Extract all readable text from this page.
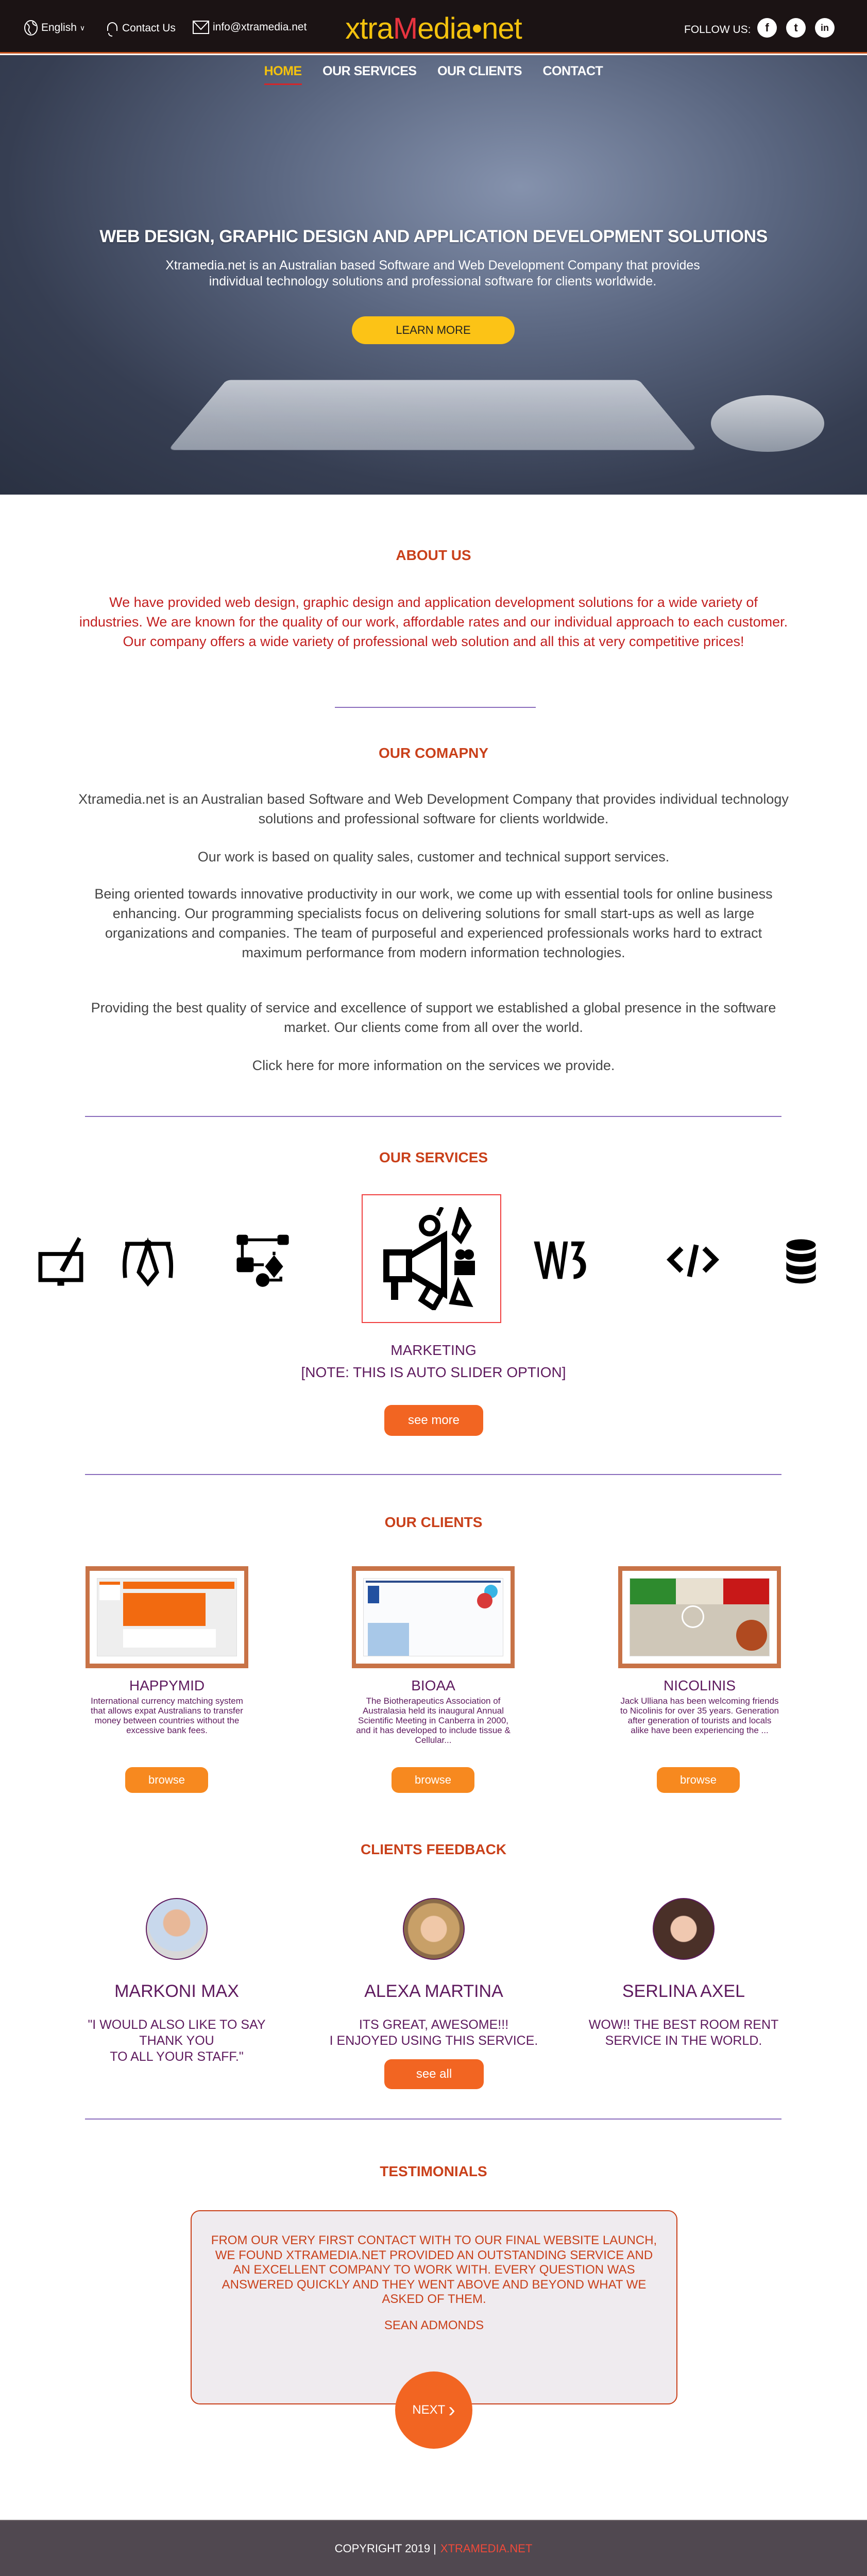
English ∨	Contact Us	info@xtramedia.net	xtraMedia•net	FOLLOW US:	f	t	in
HOME OUR SERVICES OUR CLIENTS CONTACT
WEB DESIGN, GRAPHIC DESIGN AND APPLICATION DEVELOPMENT SOLUTIONS

Xtramedia.net is an Australian based Software and Web Development Company that provides individual technology solutions and professional software for clients worldwide.

LEARN MORE
ABOUT US

We have provided web design, graphic design and application development solutions for a wide variety of industries. We are known for the quality of our work, affordable rates and our individual approach to each customer. Our company offers a wide variety of professional web solution and all this at very competitive prices!

OUR COMAPNY

Xtramedia.net is an Australian based Software and Web Development Company that provides individual technology solutions and professional software for clients worldwide.

Our work is based on quality sales, customer and technical support services.

Being oriented towards innovative productivity in our work, we come up with essential tools for online business enhancing. Our programming specialists focus on delivering solutions for small start-ups as well as large organizations and companies. The team of purposeful and experienced professionals works hard to extract maximum performance from modern information technologies.

Providing the best quality of service and excellence of support we established a global presence in the software market. Our clients come from all over the world.

Click here for more information on the services we provide.

OUR SERVICES
MARKETING
[NOTE: THIS IS AUTO SLIDER OPTION]
see more
OUR CLIENTS
HAPPYMID
International currency matching system that allows expat Australians to transfer money between countries without the excessive bank fees.
BIOAA
The Biotherapeutics Association of Australasia held its inaugural Annual Scientific Meeting in Canberra in 2000, and it has developed to include tissue & Cellular...
NICOLINIS
Jack Ulliana has been welcoming friends to Nicolinis for over 35 years. Generation after generation of tourists and locals alike have been experiencing the ...
browse	browse	browse
CLIENTS FEEDBACK
MARKONI MAX
"I WOULD ALSO LIKE TO SAY
THANK YOU
TO ALL YOUR STAFF."
ALEXA MARTINA
ITS GREAT, AWESOME!!!
I ENJOYED USING THIS SERVICE.
SERLINA AXEL
WOW!! THE BEST ROOM RENT
SERVICE IN THE WORLD.
see all
TESTIMONIALS

FROM OUR VERY FIRST CONTACT WITH TO OUR FINAL WEBSITE LAUNCH, WE FOUND XTRAMEDIA.NET PROVIDED AN OUTSTANDING SERVICE AND AN EXCELLENT COMPANY TO WORK WITH. EVERY QUESTION WAS ANSWERED QUICKLY AND THEY WENT ABOVE AND BEYOND WHAT WE ASKED OF THEM.

SEAN ADMONDS
NEXT ›
COPYRIGHT 2019 | XTRAMEDIA.NET
